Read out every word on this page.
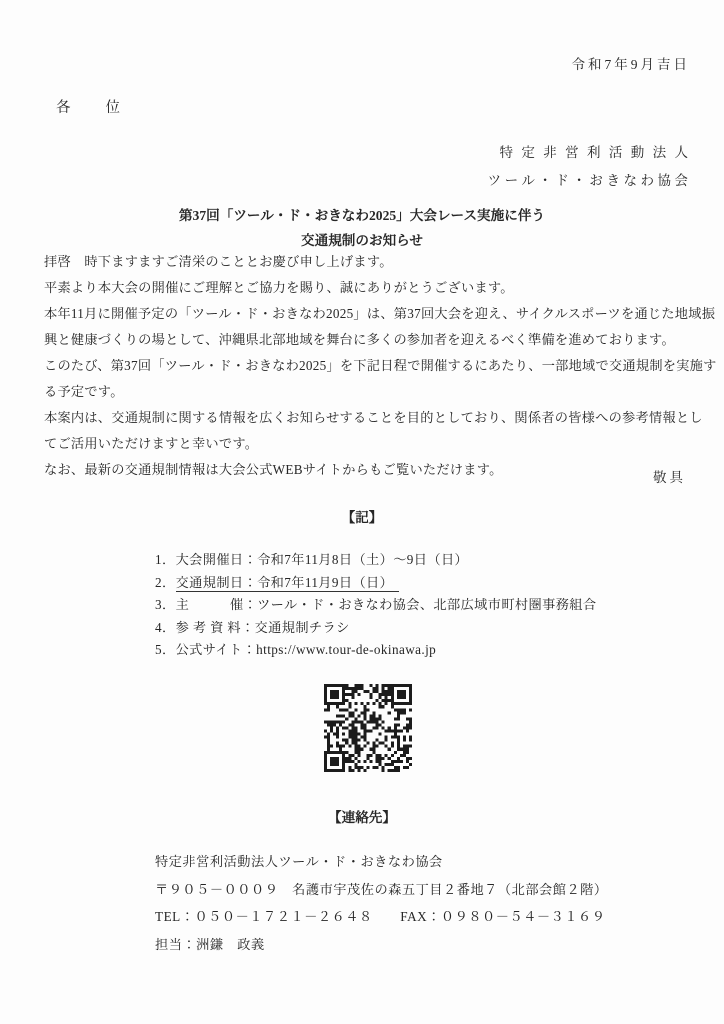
令和7年9月吉日
各　　位
特定非営利活動法人
ツール・ド・おきなわ協会
第37回「ツール・ド・おきなわ2025」大会レース実施に伴う
交通規制のお知らせ
拝啓　時下ますますご清栄のこととお慶び申し上げます。
平素より本大会の開催にご理解とご協力を賜り、誠にありがとうございます。
本年11月に開催予定の「ツール・ド・おきなわ2025」は、第37回大会を迎え、サイクルスポーツを通じた地域振
興と健康づくりの場として、沖縄県北部地域を舞台に多くの参加者を迎えるべく準備を進めております。
このたび、第37回「ツール・ド・おきなわ2025」を下記日程で開催するにあたり、一部地域で交通規制を実施す
る予定です。
本案内は、交通規制に関する情報を広くお知らせすることを目的としており、関係者の皆様への参考情報とし
てご活用いただけますと幸いです。
なお、最新の交通規制情報は大会公式WEBサイトからもご覧いただけます。
敬具
【記】
1．大会開催日：令和7年11月8日（土）～9日（日）
2．交通規制日：令和7年11月9日（日）
3．主　　　催：ツール・ド・おきなわ協会、北部広域市町村圏事務組合
4．参 考 資 料：交通規制チラシ
5．公式サイト：https://www.tour-de-okinawa.jp
【連絡先】
特定非営利活動法人ツール・ド・おきなわ協会
〒９０５－０００９　名護市宇茂佐の森五丁目２番地７（北部会館２階）
TEL：０５０－１７２１－２６４８　　FAX：０９８０－５４－３１６９
担当：洲鎌　政義
